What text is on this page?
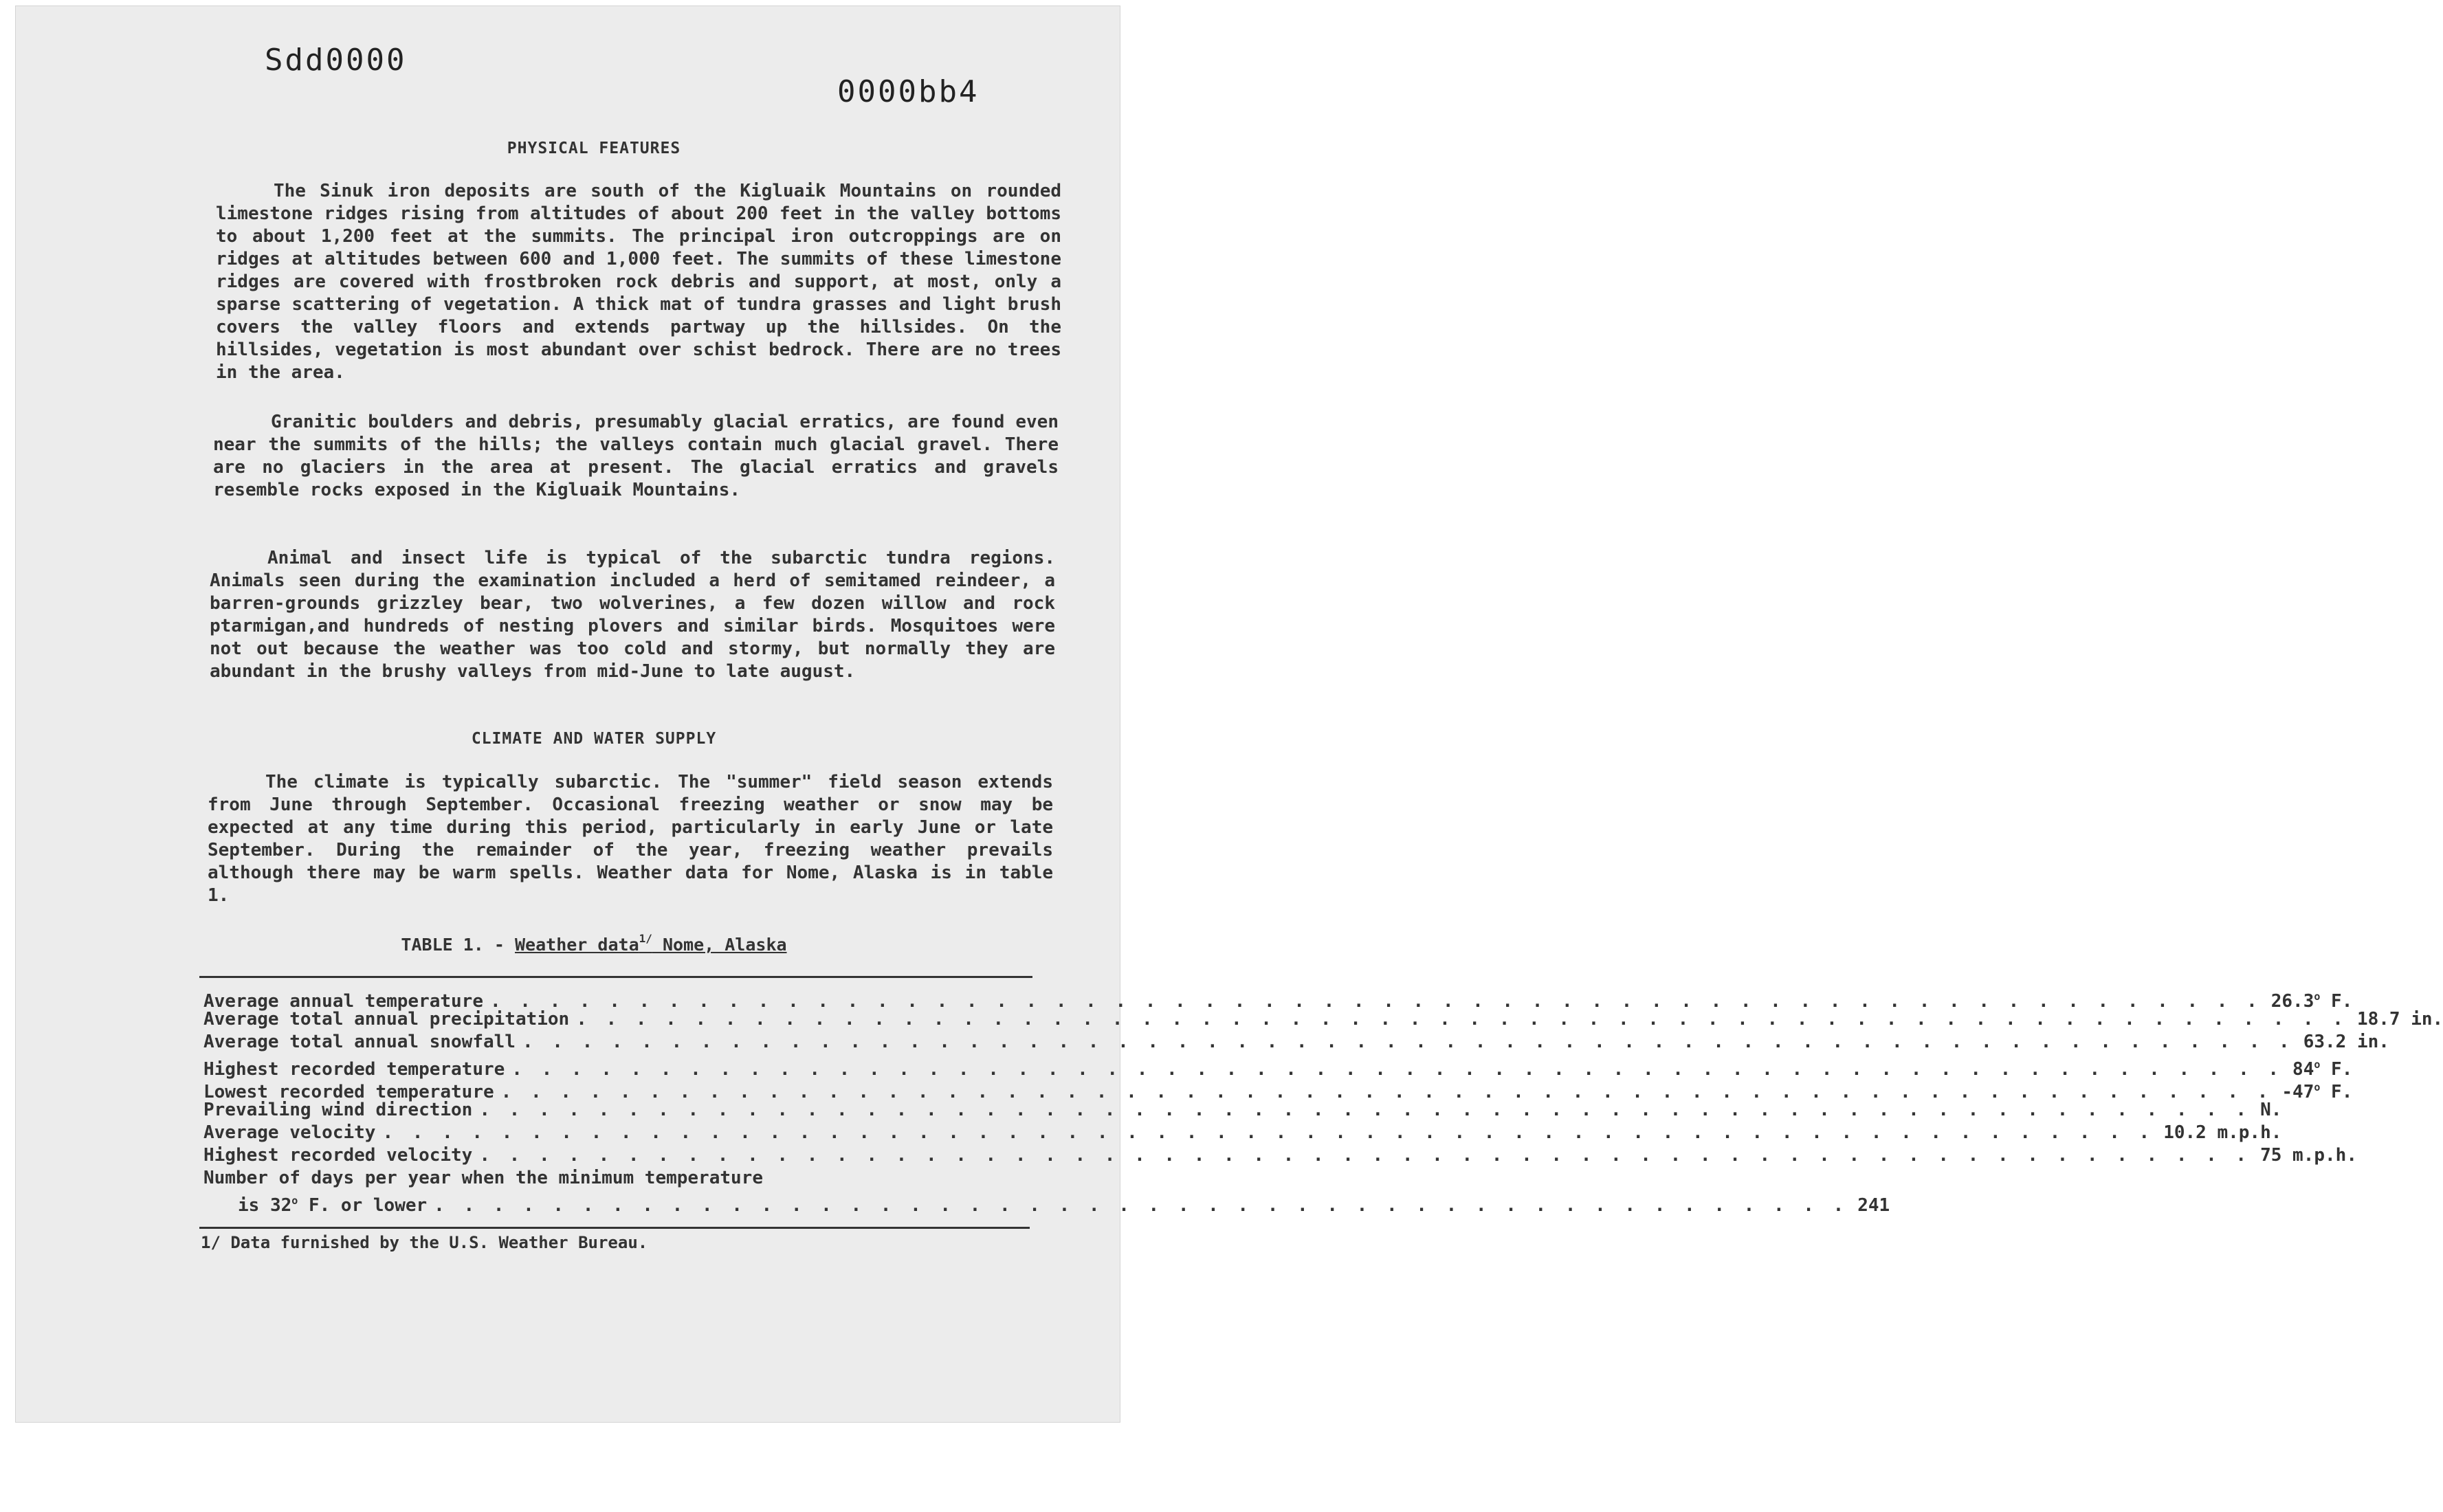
Sdd0000
0000bb4
PHYSICAL FEATURES

The Sinuk iron deposits are south of the Kigluaik Mountains on rounded limestone ridges rising from altitudes of about 200 feet in the valley bottoms to about 1,200 feet at the summits. The principal iron outcroppings are on ridges at altitudes between 600 and 1,000 feet. The summits of these limestone ridges are covered with frostbroken rock debris and support, at most, only a sparse scattering of vegetation. A thick mat of tundra grasses and light brush covers the valley floors and extends partway up the hillsides. On the hillsides, vegetation is most abundant over schist bedrock. There are no trees in the area.

Granitic boulders and debris, presumably glacial erratics, are found even near the summits of the hills; the valleys contain much glacial gravel. There are no glaciers in the area at present. The glacial erratics and gravels resemble rocks exposed in the Kigluaik Mountains.

Animal and insect life is typical of the subarctic tundra regions. Animals seen during the examination included a herd of semitamed reindeer, a barren-grounds grizzley bear, two wolverines, a few dozen willow and rock ptarmigan,and hundreds of nesting plovers and similar birds. Mosquitoes were not out because the weather was too cold and stormy, but normally they are abundant in the brushy valleys from mid-June to late august.

CLIMATE AND WATER SUPPLY

The climate is typically subarctic. The "summer" field season extends from June through September. Occasional freezing weather or snow may be expected at any time during this period, particularly in early June or late September. During the remainder of the year, freezing weather prevails although there may be warm spells. Weather data for Nome, Alaska is in table 1.

TABLE 1. - Weather data$^{1/}$ Nome, Alaska
Average annual temperature . . . . . . . . . . . . . . . . . . . . . . . . . . . . . . . . . . . . . . . . . . . . . . . . . . . . . . . . . . . . 26.3$^o$ F.
Average total annual precipitation . . . . . . . . . . . . . . . . . . . . . . . . . . . . . . . . . . . . . . . . . . . . . . . . . . . . . . . . . . . . 18.7 in.
Average total annual snowfall . . . . . . . . . . . . . . . . . . . . . . . . . . . . . . . . . . . . . . . . . . . . . . . . . . . . . . . . . . . . 63.2 in.
Highest recorded temperature . . . . . . . . . . . . . . . . . . . . . . . . . . . . . . . . . . . . . . . . . . . . . . . . . . . . . . . . . . . . 84$^o$ F.
Lowest recorded temperature . . . . . . . . . . . . . . . . . . . . . . . . . . . . . . . . . . . . . . . . . . . . . . . . . . . . . . . . . . . . -47$^o$ F.
Prevailing wind direction . . . . . . . . . . . . . . . . . . . . . . . . . . . . . . . . . . . . . . . . . . . . . . . . . . . . . . . . . . . . N.
Average velocity . . . . . . . . . . . . . . . . . . . . . . . . . . . . . . . . . . . . . . . . . . . . . . . . . . . . . . . . . . . . 10.2 m.p.h.
Highest recorded velocity . . . . . . . . . . . . . . . . . . . . . . . . . . . . . . . . . . . . . . . . . . . . . . . . . . . . . . . . . . . . 75 m.p.h.
Number of days per year when the minimum temperature
is 32$^o$ F. or lower . . . . . . . . . . . . . . . . . . . . . . . . . . . . . . . . . . . . . . . . . . . . . . . . 241
1/ Data furnished by the U.S. Weather Bureau.
